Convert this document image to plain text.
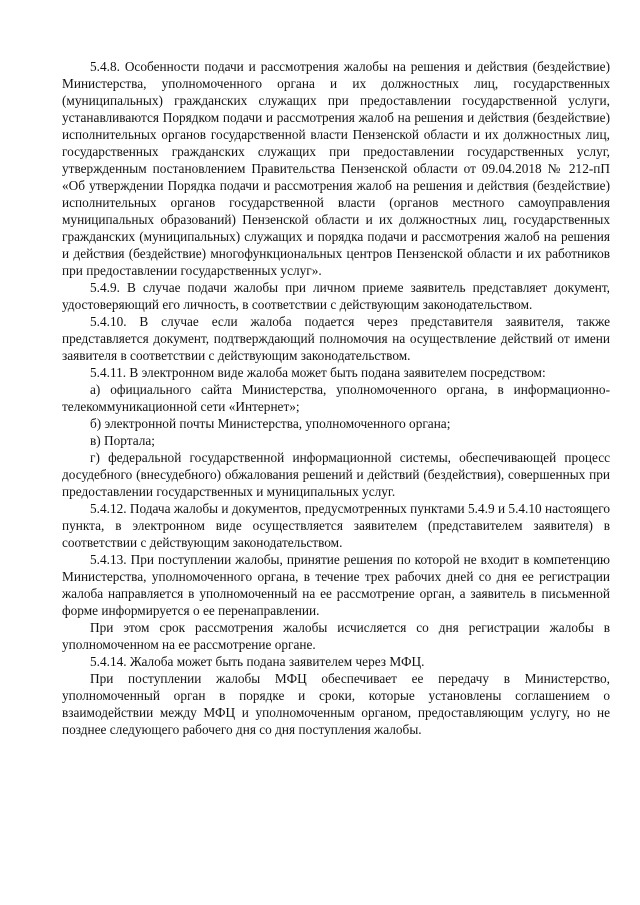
5.4.8. Особенности подачи и рассмотрения жалобы на решения и действия (бездействие) Министерства, уполномоченного органа и их должностных лиц, государственных (муниципальных) гражданских служащих при предоставлении государственной услуги, устанавливаются Порядком подачи и рассмотрения жалоб на решения и действия (бездействие) исполнительных органов государственной власти Пензенской области и их должностных лиц, государственных гражданских служащих при предоставлении государственных услуг, утвержденным постановлением Правительства Пензенской области от 09.04.2018 № 212-пП «Об утверждении Порядка подачи и рассмотрения жалоб на решения и действия (бездействие) исполнительных органов государственной власти (органов местного самоуправления муниципальных образований) Пензенской области и их должностных лиц, государственных гражданских (муниципальных) служащих и порядка подачи и рассмотрения жалоб на решения и действия (бездействие) многофункциональных центров Пензенской области и их работников при предоставлении государственных услуг».

5.4.9. В случае подачи жалобы при личном приеме заявитель представляет документ, удостоверяющий его личность, в соответствии с действующим законодательством.

5.4.10. В случае если жалоба подается через представителя заявителя, также представляется документ, подтверждающий полномочия на осуществление действий от имени заявителя в соответствии с действующим законодательством.

5.4.11. В электронном виде жалоба может быть подана заявителем посредством:

а) официального сайта Министерства, уполномоченного органа, в информационно-телекоммуникационной сети «Интернет»;

б) электронной почты Министерства, уполномоченного органа;

в) Портала;

г) федеральной государственной информационной системы, обеспечивающей процесс досудебного (внесудебного) обжалования решений и действий (бездействия), совершенных при предоставлении государственных и муниципальных услуг.

5.4.12. Подача жалобы и документов, предусмотренных пунктами 5.4.9 и 5.4.10 настоящего пункта, в электронном виде осуществляется заявителем (представителем заявителя) в соответствии с действующим законодательством.

5.4.13. При поступлении жалобы, принятие решения по которой не входит в компетенцию Министерства, уполномоченного органа, в течение трех рабочих дней со дня ее регистрации жалоба направляется в уполномоченный на ее рассмотрение орган, а заявитель в письменной форме информируется о ее перенаправлении.

При этом срок рассмотрения жалобы исчисляется со дня регистрации жалобы в уполномоченном на ее рассмотрение органе.

5.4.14. Жалоба может быть подана заявителем через МФЦ.

При поступлении жалобы МФЦ обеспечивает ее передачу в Министерство, уполномоченный орган в порядке и сроки, которые установлены соглашением о взаимодействии между МФЦ и уполномоченным органом, предоставляющим услугу, но не позднее следующего рабочего дня со дня поступления жалобы.
